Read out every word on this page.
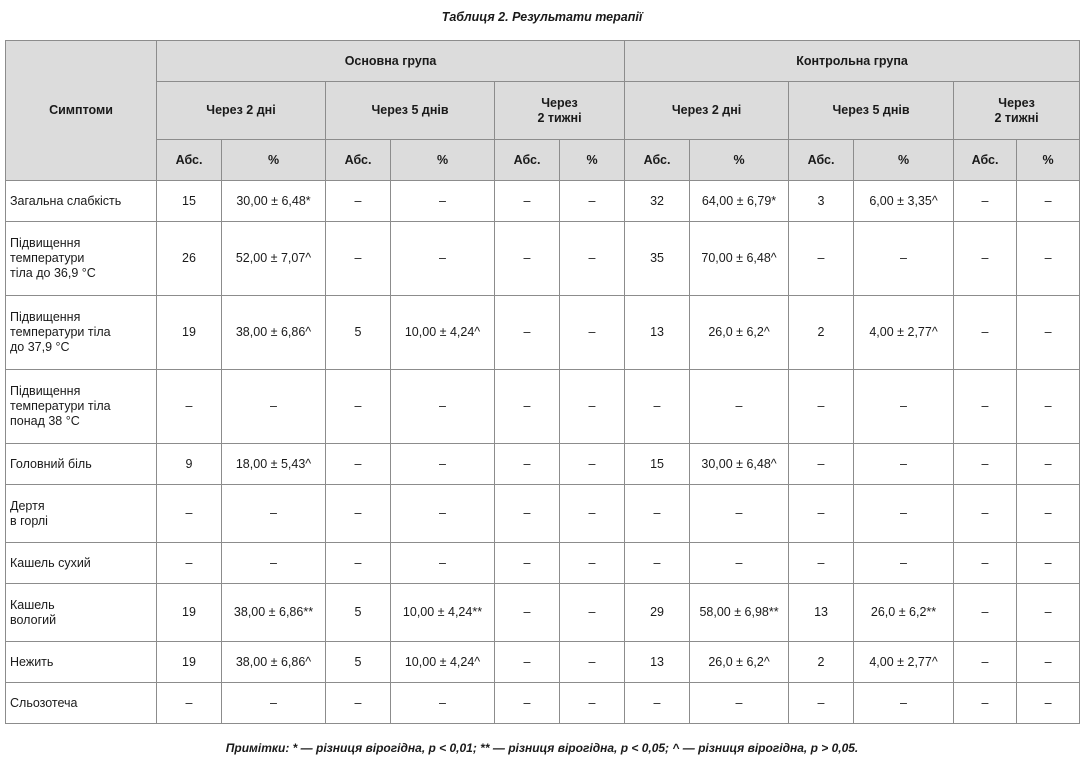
Таблиця 2. Результати терапії
Симптоми	Основна група						Контрольна група					
	Через 2 дні		Через 5 днів		Через
2 тижні		Через 2 дні		Через 5 днів		Через
2 тижні	
	Абс.	%	Абс.	%	Абс.	%	Абс.	%	Абс.	%	Абс.	%
Загальна слабкість	15	30,00 ± 6,48*	–	–	–	–	32	64,00 ± 6,79*	3	6,00 ± 3,35^	–	–
Підвищення
температури
тіла до 36,9 °С	26	52,00 ± 7,07^	–	–	–	–	35	70,00 ± 6,48^	–	–	–	–
Підвищення
температури тіла
до 37,9 °С	19	38,00 ± 6,86^	5	10,00 ± 4,24^	–	–	13	26,0 ± 6,2^	2	4,00 ± 2,77^	–	–
Підвищення
температури тіла
понад 38 °С	–	–	–	–	–	–	–	–	–	–	–	–
Головний біль	9	18,00 ± 5,43^	–	–	–	–	15	30,00 ± 6,48^	–	–	–	–
Дертя
в горлі	–	–	–	–	–	–	–	–	–	–	–	–
Кашель сухий	–	–	–	–	–	–	–	–	–	–	–	–
Кашель
вологий	19	38,00 ± 6,86**	5	10,00 ± 4,24**	–	–	29	58,00 ± 6,98**	13	26,0 ± 6,2**	–	–
Нежить	19	38,00 ± 6,86^	5	10,00 ± 4,24^	–	–	13	26,0 ± 6,2^	2	4,00 ± 2,77^	–	–
Сльозотеча	–	–	–	–	–	–	–	–	–	–	–	–
Примітки: * — різниця вірогідна, р < 0,01; ** — різниця вірогідна, р < 0,05; ^ — різниця вірогідна, р > 0,05.
